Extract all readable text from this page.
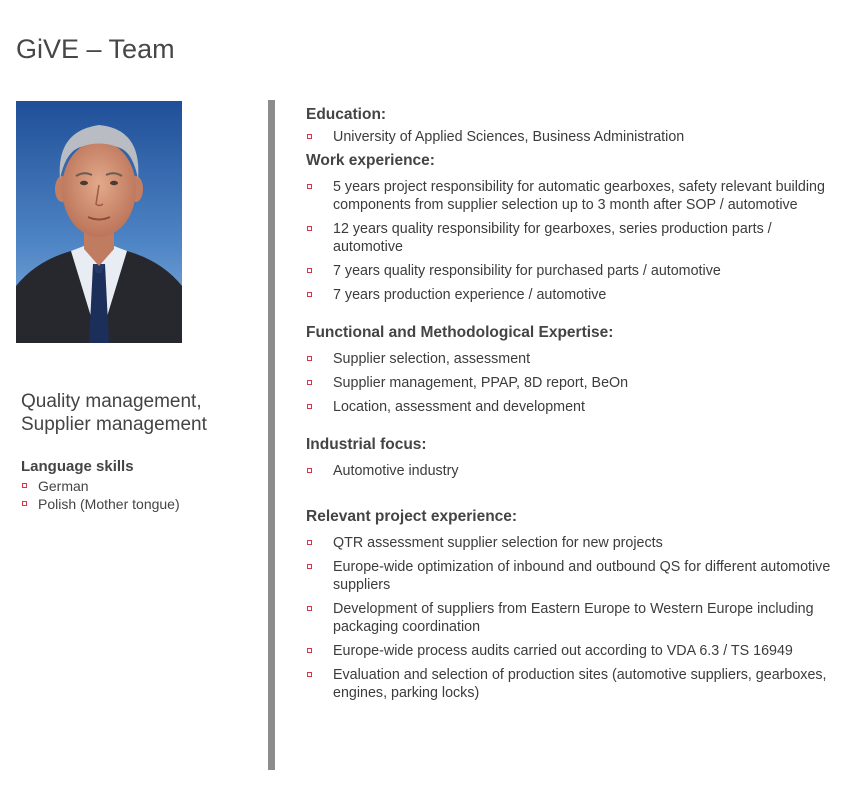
GiVE – Team
Quality management,
Supplier management
Language skills
German
Polish (Mother tongue)
Education:
University of Applied Sciences, Business Administration
Work experience:
5 years project responsibility for automatic gearboxes, safety relevant building components from supplier selection up to 3 month after SOP / automotive
12 years quality responsibility for gearboxes, series production parts / automotive
7 years quality responsibility for purchased parts / automotive
7 years production experience / automotive
Functional and Methodological Expertise:
Supplier selection, assessment
Supplier management, PPAP, 8D report, BeOn
Location, assessment and development
Industrial focus:
Automotive industry
Relevant project experience:
QTR assessment supplier selection for new projects
Europe-wide optimization of inbound and outbound QS for different automotive suppliers
Development of suppliers from Eastern Europe to Western Europe including packaging coordination
Europe-wide process audits carried out according to VDA 6.3 / TS 16949
Evaluation and selection of production sites (automotive suppliers, gearboxes, engines, parking locks)
